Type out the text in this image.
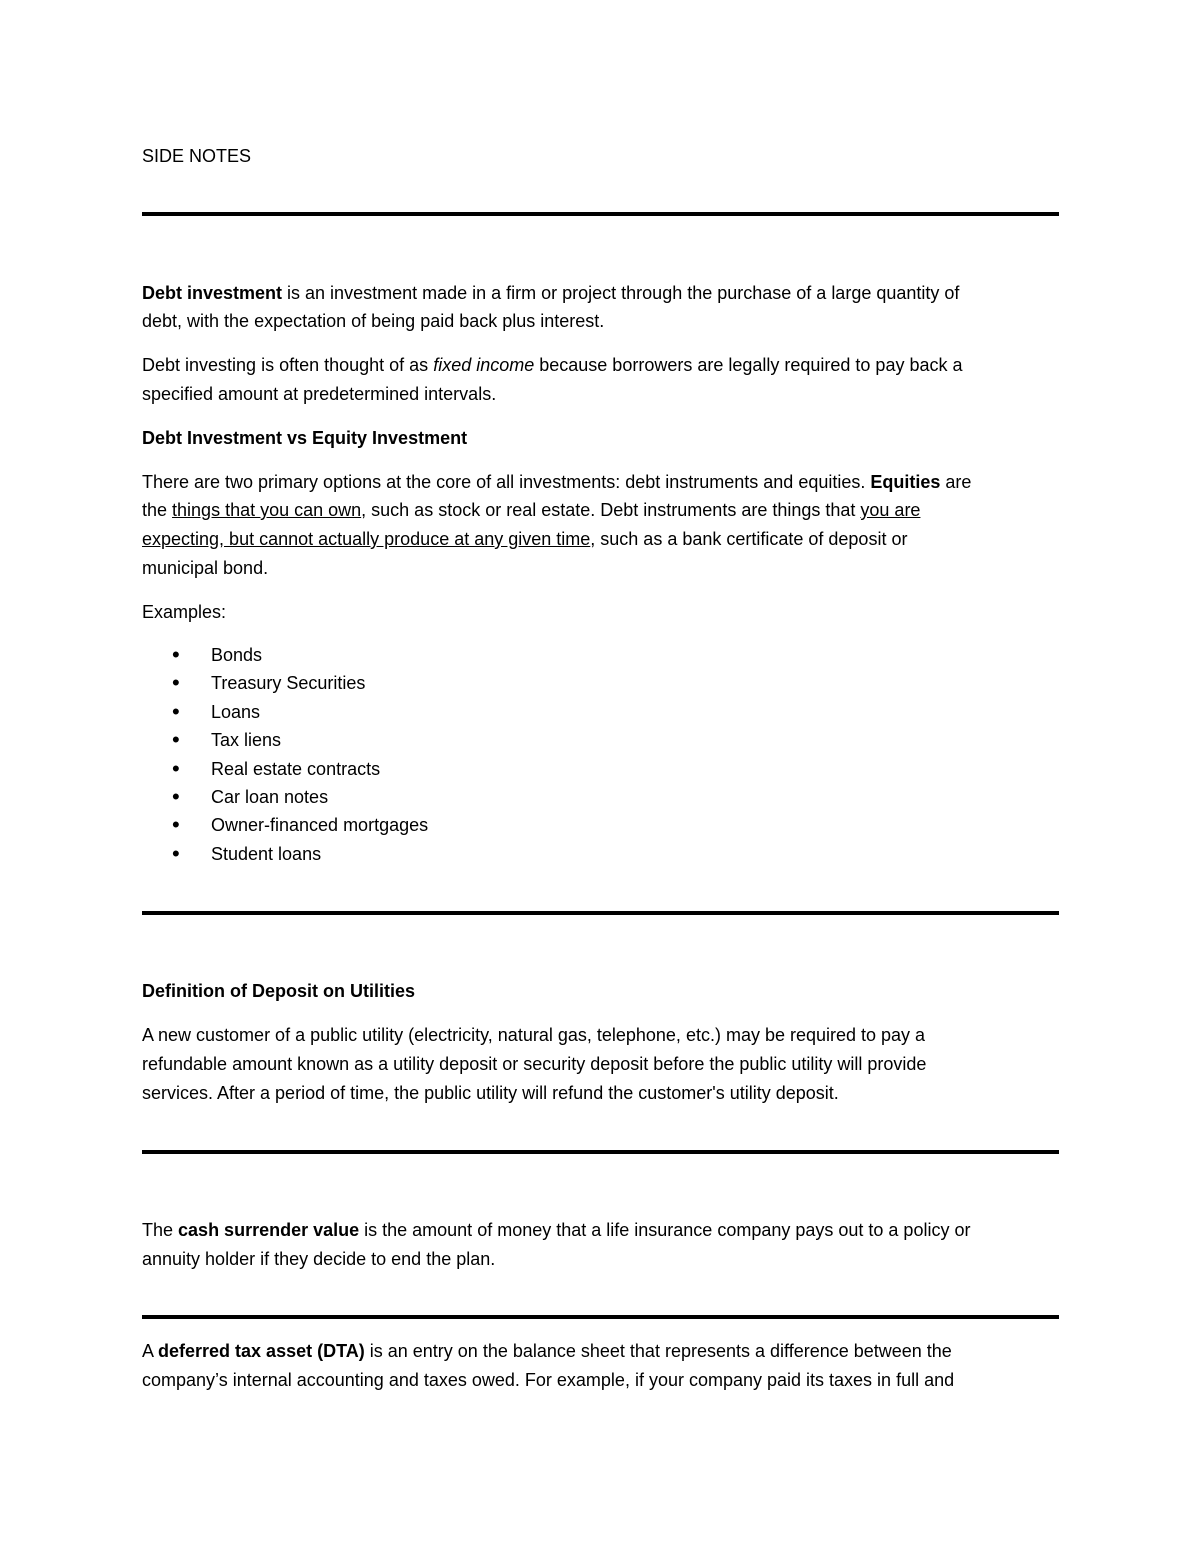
SIDE NOTES

Debt investment is an investment made in a firm or project through the purchase of a large quantity of

debt, with the expectation of being paid back plus interest.

Debt investing is often thought of as fixed income because borrowers are legally required to pay back a

specified amount at predetermined intervals.

Debt Investment vs Equity Investment

There are two primary options at the core of all investments: debt instruments and equities. Equities are

the things that you can own, such as stock or real estate. Debt instruments are things that you are

expecting, but cannot actually produce at any given time, such as a bank certificate of deposit or

municipal bond.

Examples:

• Bonds
• Treasury Securities
• Loans
• Tax liens
• Real estate contracts
• Car loan notes
• Owner-financed mortgages
• Student loans

Definition of Deposit on Utilities

A new customer of a public utility (electricity, natural gas, telephone, etc.) may be required to pay a

refundable amount known as a utility deposit or security deposit before the public utility will provide

services. After a period of time, the public utility will refund the customer's utility deposit.

The cash surrender value is the amount of money that a life insurance company pays out to a policy or

annuity holder if they decide to end the plan.

A deferred tax asset (DTA) is an entry on the balance sheet that represents a difference between the

company’s internal accounting and taxes owed. For example, if your company paid its taxes in full and
